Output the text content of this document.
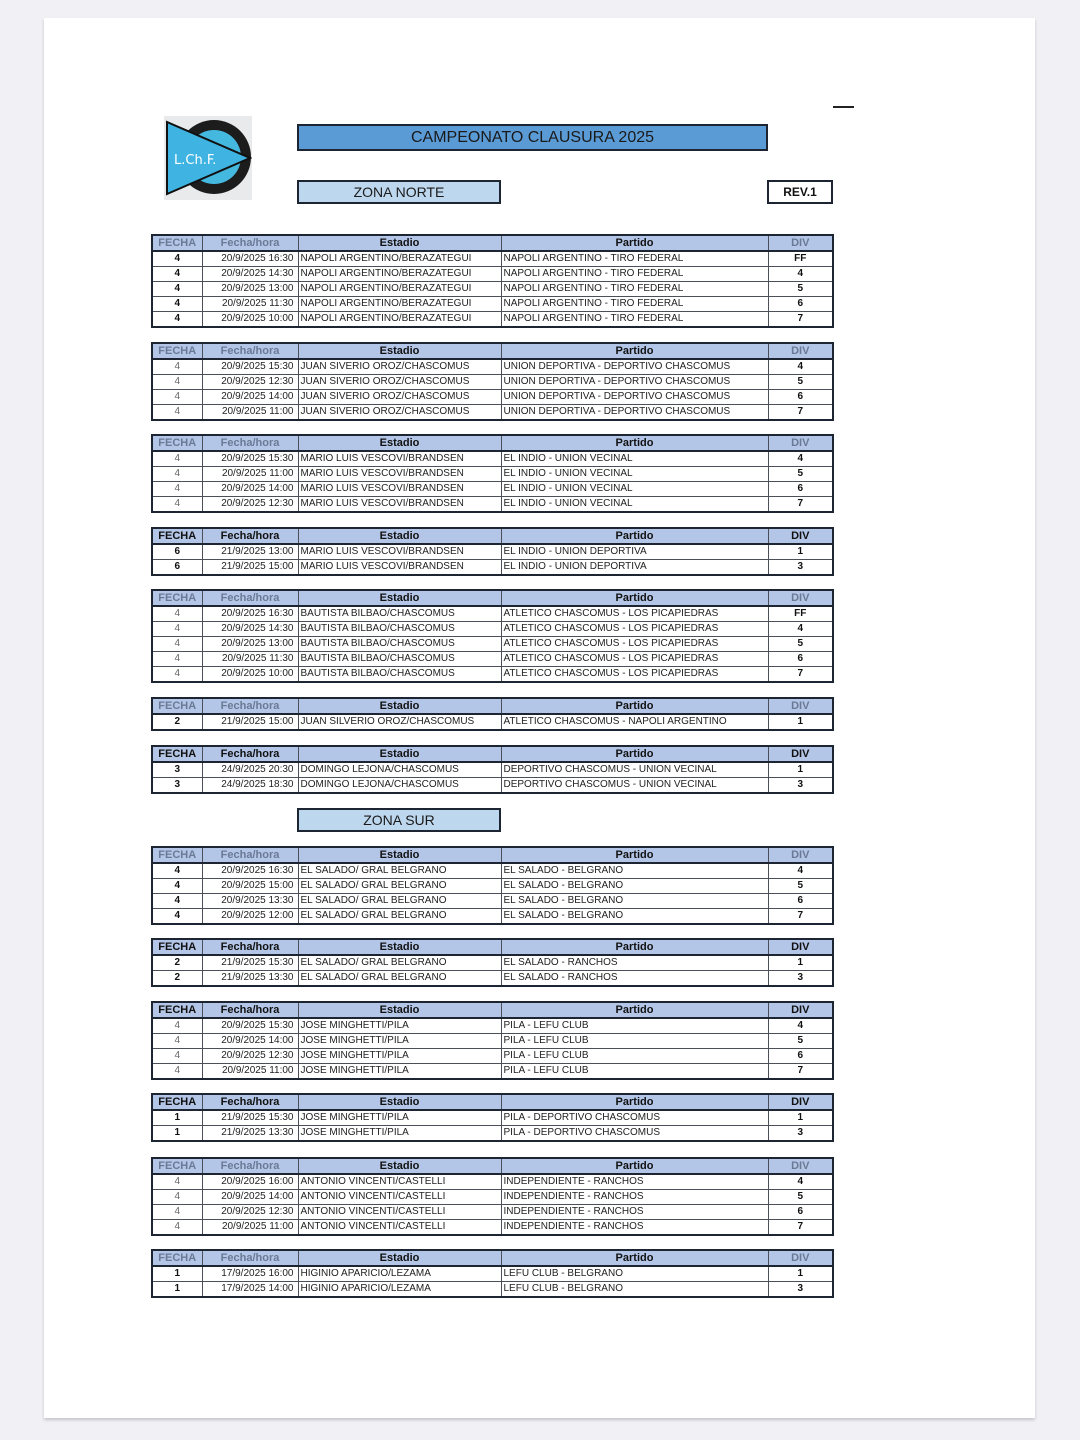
L.Ch.F.
CAMPEONATO CLAUSURA 2025
ZONA NORTE	REV.1
ZONA SUR
FECHA	Fecha/hora	Estadio	Partido	DIV
4	20/9/2025 16:30	NAPOLI ARGENTINO/BERAZATEGUI	NAPOLI ARGENTINO - TIRO FEDERAL	FF
4	20/9/2025 14:30	NAPOLI ARGENTINO/BERAZATEGUI	NAPOLI ARGENTINO - TIRO FEDERAL	4
4	20/9/2025 13:00	NAPOLI ARGENTINO/BERAZATEGUI	NAPOLI ARGENTINO - TIRO FEDERAL	5
4	20/9/2025 11:30	NAPOLI ARGENTINO/BERAZATEGUI	NAPOLI ARGENTINO - TIRO FEDERAL	6
4	20/9/2025 10:00	NAPOLI ARGENTINO/BERAZATEGUI	NAPOLI ARGENTINO - TIRO FEDERAL	7
FECHA	Fecha/hora	Estadio	Partido	DIV
4	20/9/2025 15:30	JUAN SIVERIO OROZ/CHASCOMUS	UNION DEPORTIVA - DEPORTIVO CHASCOMUS	4
4	20/9/2025 12:30	JUAN SIVERIO OROZ/CHASCOMUS	UNION DEPORTIVA - DEPORTIVO CHASCOMUS	5
4	20/9/2025 14:00	JUAN SIVERIO OROZ/CHASCOMUS	UNION DEPORTIVA - DEPORTIVO CHASCOMUS	6
4	20/9/2025 11:00	JUAN SIVERIO OROZ/CHASCOMUS	UNION DEPORTIVA - DEPORTIVO CHASCOMUS	7
FECHA	Fecha/hora	Estadio	Partido	DIV
4	20/9/2025 15:30	MARIO LUIS VESCOVI/BRANDSEN	EL INDIO - UNION VECINAL	4
4	20/9/2025 11:00	MARIO LUIS VESCOVI/BRANDSEN	EL INDIO - UNION VECINAL	5
4	20/9/2025 14:00	MARIO LUIS VESCOVI/BRANDSEN	EL INDIO - UNION VECINAL	6
4	20/9/2025 12:30	MARIO LUIS VESCOVI/BRANDSEN	EL INDIO - UNION VECINAL	7
FECHA	Fecha/hora	Estadio	Partido	DIV
6	21/9/2025 13:00	MARIO LUIS VESCOVI/BRANDSEN	EL INDIO - UNION DEPORTIVA	1
6	21/9/2025 15:00	MARIO LUIS VESCOVI/BRANDSEN	EL INDIO - UNION DEPORTIVA	3
FECHA	Fecha/hora	Estadio	Partido	DIV
4	20/9/2025 16:30	BAUTISTA BILBAO/CHASCOMUS	ATLETICO CHASCOMUS - LOS PICAPIEDRAS	FF
4	20/9/2025 14:30	BAUTISTA BILBAO/CHASCOMUS	ATLETICO CHASCOMUS - LOS PICAPIEDRAS	4
4	20/9/2025 13:00	BAUTISTA BILBAO/CHASCOMUS	ATLETICO CHASCOMUS - LOS PICAPIEDRAS	5
4	20/9/2025 11:30	BAUTISTA BILBAO/CHASCOMUS	ATLETICO CHASCOMUS - LOS PICAPIEDRAS	6
4	20/9/2025 10:00	BAUTISTA BILBAO/CHASCOMUS	ATLETICO CHASCOMUS - LOS PICAPIEDRAS	7
FECHA	Fecha/hora	Estadio	Partido	DIV
2	21/9/2025 15:00	JUAN SILVERIO OROZ/CHASCOMUS	ATLETICO CHASCOMUS - NAPOLI ARGENTINO	1
FECHA	Fecha/hora	Estadio	Partido	DIV
3	24/9/2025 20:30	DOMINGO LEJONA/CHASCOMUS	DEPORTIVO CHASCOMUS - UNION VECINAL	1
3	24/9/2025 18:30	DOMINGO LEJONA/CHASCOMUS	DEPORTIVO CHASCOMUS - UNION VECINAL	3
FECHA	Fecha/hora	Estadio	Partido	DIV
4	20/9/2025 16:30	EL SALADO/ GRAL BELGRANO	EL SALADO - BELGRANO	4
4	20/9/2025 15:00	EL SALADO/ GRAL BELGRANO	EL SALADO - BELGRANO	5
4	20/9/2025 13:30	EL SALADO/ GRAL BELGRANO	EL SALADO - BELGRANO	6
4	20/9/2025 12:00	EL SALADO/ GRAL BELGRANO	EL SALADO - BELGRANO	7
FECHA	Fecha/hora	Estadio	Partido	DIV
2	21/9/2025 15:30	EL SALADO/ GRAL BELGRANO	EL SALADO - RANCHOS	1
2	21/9/2025 13:30	EL SALADO/ GRAL BELGRANO	EL SALADO - RANCHOS	3
FECHA	Fecha/hora	Estadio	Partido	DIV
4	20/9/2025 15:30	JOSE MINGHETTI/PILA	PILA - LEFU CLUB	4
4	20/9/2025 14:00	JOSE MINGHETTI/PILA	PILA - LEFU CLUB	5
4	20/9/2025 12:30	JOSE MINGHETTI/PILA	PILA - LEFU CLUB	6
4	20/9/2025 11:00	JOSE MINGHETTI/PILA	PILA - LEFU CLUB	7
FECHA	Fecha/hora	Estadio	Partido	DIV
1	21/9/2025 15:30	JOSE MINGHETTI/PILA	PILA - DEPORTIVO CHASCOMUS	1
1	21/9/2025 13:30	JOSE MINGHETTI/PILA	PILA - DEPORTIVO CHASCOMUS	3
FECHA	Fecha/hora	Estadio	Partido	DIV
4	20/9/2025 16:00	ANTONIO VINCENTI/CASTELLI	INDEPENDIENTE - RANCHOS	4
4	20/9/2025 14:00	ANTONIO VINCENTI/CASTELLI	INDEPENDIENTE - RANCHOS	5
4	20/9/2025 12:30	ANTONIO VINCENTI/CASTELLI	INDEPENDIENTE - RANCHOS	6
4	20/9/2025 11:00	ANTONIO VINCENTI/CASTELLI	INDEPENDIENTE - RANCHOS	7
FECHA	Fecha/hora	Estadio	Partido	DIV
1	17/9/2025 16:00	HIGINIO APARICIO/LEZAMA	LEFU CLUB - BELGRANO	1
1	17/9/2025 14:00	HIGINIO APARICIO/LEZAMA	LEFU CLUB - BELGRANO	3
